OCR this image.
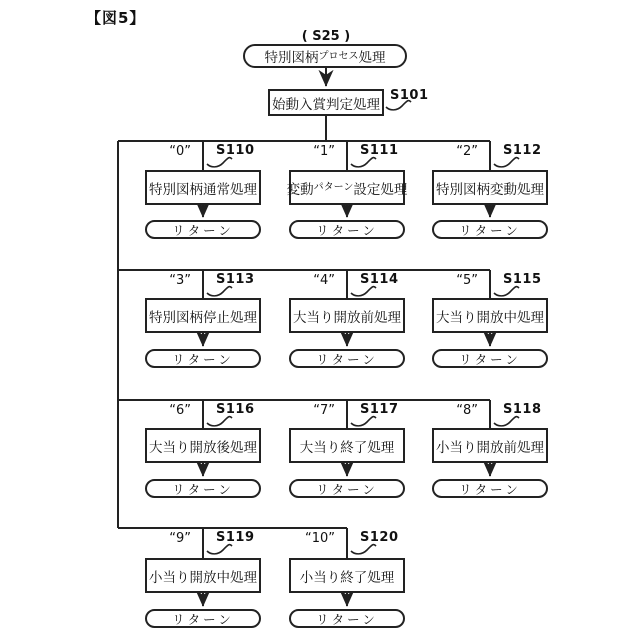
【図5】
( S25 )
特別図柄 プロセス 処理
始動入賞判定処理
S101
“0” S110
特別図柄通常処理
リターン
“1” S111
変動 パターン 設定処理
リターン
“2” S112
特別図柄変動処理
リターン
“3” S113
特別図柄停止処理
リターン
“4” S114
大当り開放前処理
リターン
“5” S115
大当り開放中処理
リターン
“6” S116
大当り開放後処理
リターン
“7” S117
大当り終了処理
リターン
“8” S118
小当り開放前処理
リターン
“9” S119
小当り開放中処理
リターン
“10” S120
小当り終了処理
リターン
